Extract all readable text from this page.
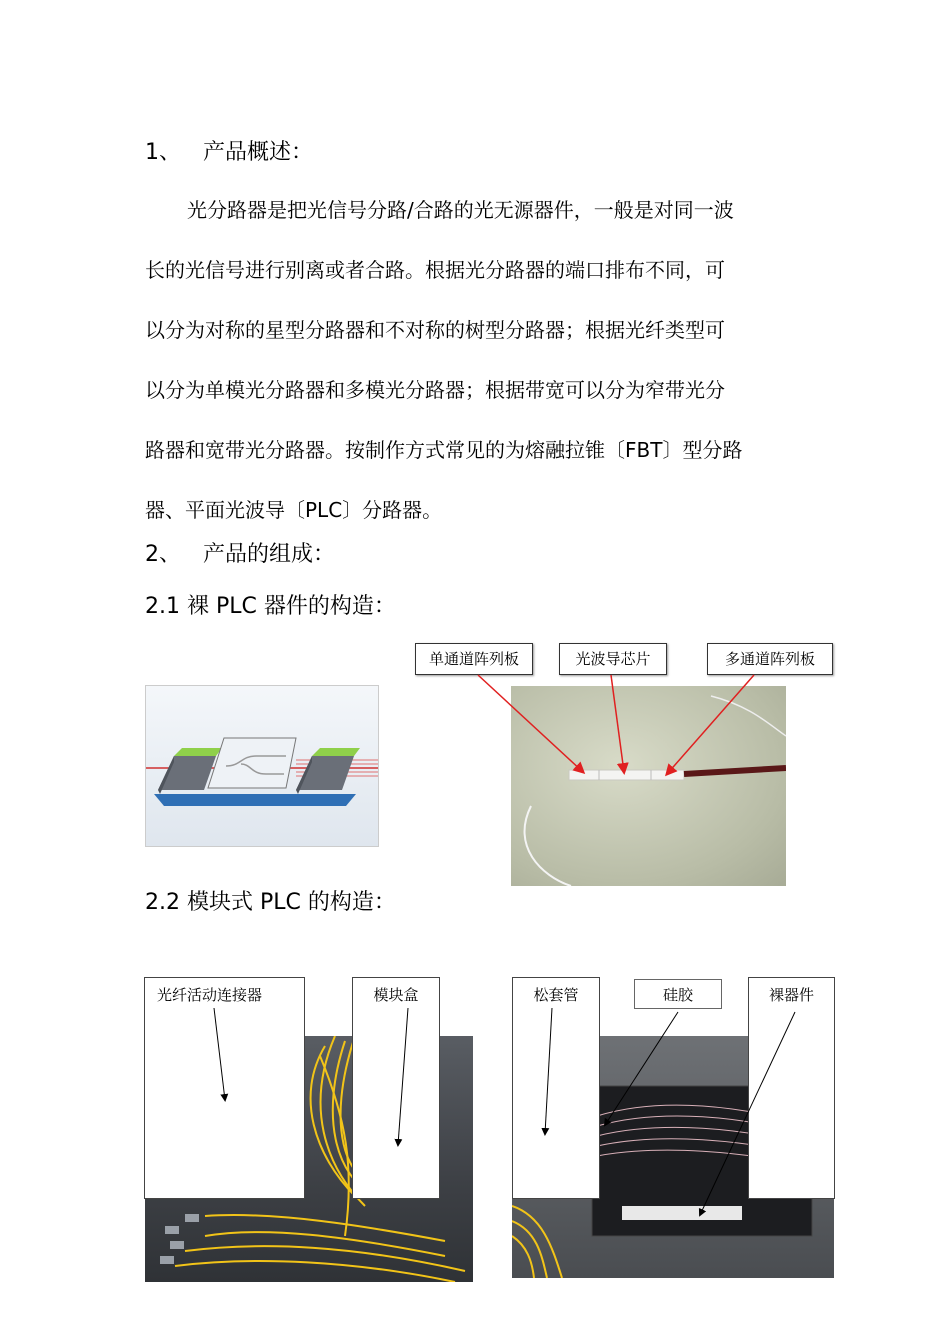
1、 产品概述：
光分路器是把光信号分路/合路的光无源器件，一般是对同一波
长的光信号进行别离或者合路。根据光分路器的端口排布不同，可
以分为对称的星型分路器和不对称的树型分路器；根据光纤类型可
以分为单模光分路器和多模光分路器；根据带宽可以分为窄带光分
路器和宽带光分路器。按制作方式常见的为熔融拉锥〔FBT〕型分路
器、平面光波导〔PLC〕分路器。
2、 产品的组成：
2.1 裸 PLC 器件的构造：
单通道阵列板	光波导芯片	多通道阵列板
2.2 模块式 PLC 的构造：
光纤活动连接器	模块盒	松套管	硅胶	裸器件
